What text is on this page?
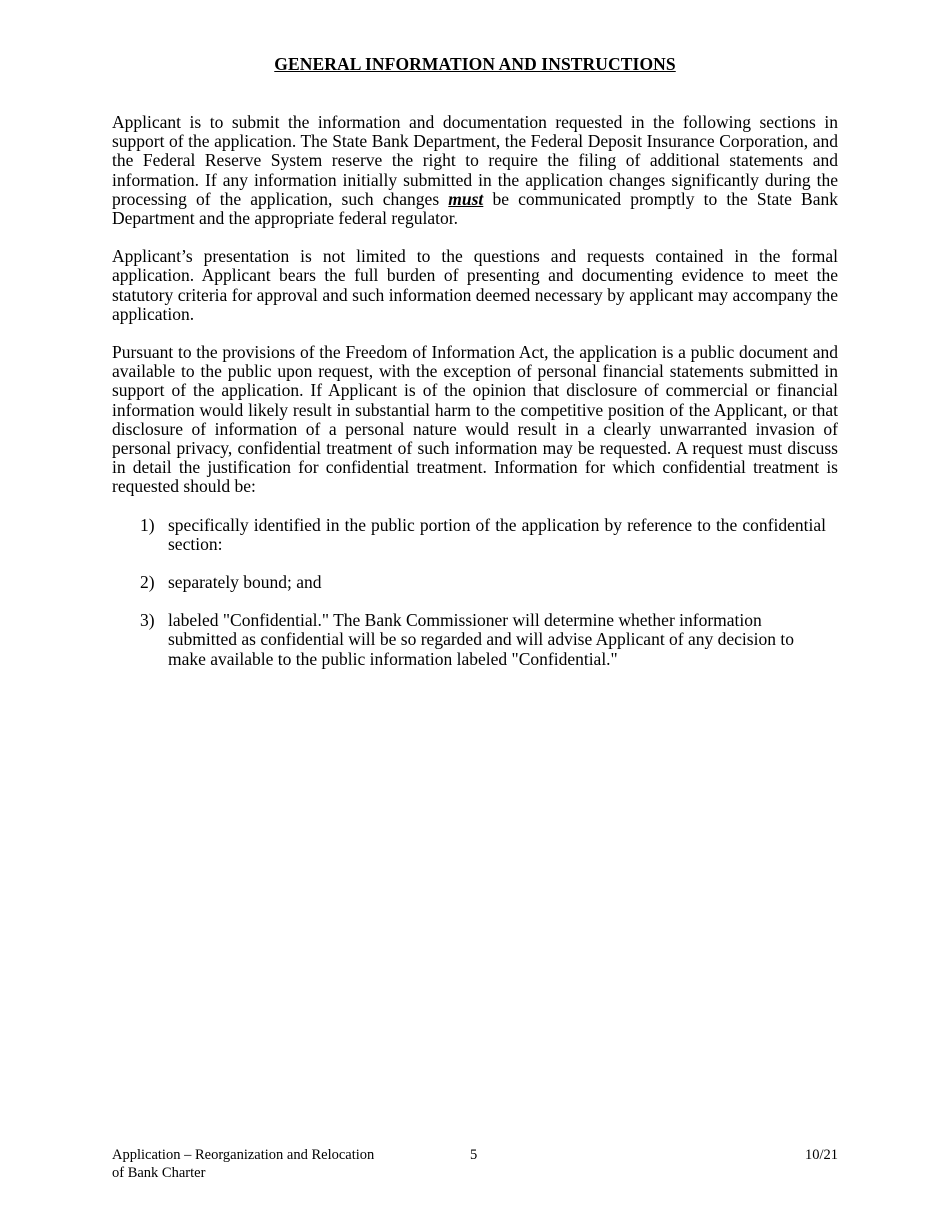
GENERAL INFORMATION AND INSTRUCTIONS

Applicant is to submit the information and documentation requested in the following sections in support of the application. The State Bank Department, the Federal Deposit Insurance Corporation, and the Federal Reserve System reserve the right to require the filing of additional statements and information. If any information initially submitted in the application changes significantly during the processing of the application, such changes must be communicated promptly to the State Bank Department and the appropriate federal regulator.

Applicant’s presentation is not limited to the questions and requests contained in the formal application. Applicant bears the full burden of presenting and documenting evidence to meet the statutory criteria for approval and such information deemed necessary by applicant may accompany the application.

Pursuant to the provisions of the Freedom of Information Act, the application is a public document and available to the public upon request, with the exception of personal financial statements submitted in support of the application. If Applicant is of the opinion that disclosure of commercial or financial information would likely result in substantial harm to the competitive position of the Applicant, or that disclosure of information of a personal nature would result in a clearly unwarranted invasion of personal privacy, confidential treatment of such information may be requested. A request must discuss in detail the justification for confidential treatment. Information for which confidential treatment is requested should be:

1) specifically identified in the public portion of the application by reference to the confidential section:
2) separately bound; and
3) labeled "Confidential." The Bank Commissioner will determine whether information submitted as confidential will be so regarded and will advise Applicant of any decision to make available to the public information labeled "Confidential."
Application – Reorganization and Relocation
of Bank Charter
5	10/21
